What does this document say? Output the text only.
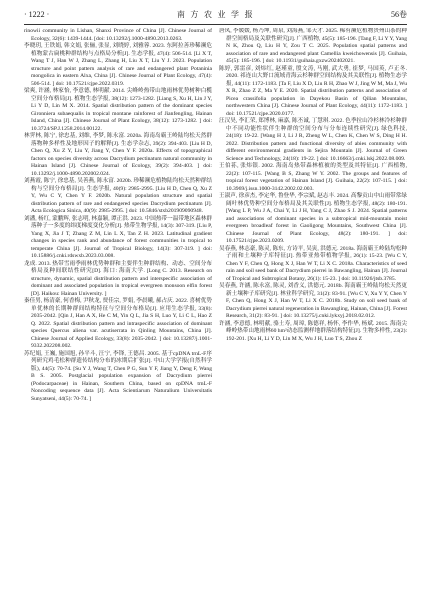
· 1222 ·	南 方 农 业 学 报	56卷

rinowii community in Lishan, Shanxi Province of China [J]. Chinese Journal of Ecology, 32(6): 1439-1444. [doi: 10.13292/j.1000-4890.2013.0263.

李晓玥, 王铁娟, 韩文娟, 张俪, 张显, 刘晓婷, 刘雅蓉. 2023. 东阿拉善珍稀濒危植物蒙古扁桃种群结构与点格局分析[J]. 生态学报, 47(4): 506-514. [Li X T, Wang T J, Han W J, Zhang L, Zhang H, Liu X T, Liu Y J. 2023. Population structure and point pattern analysis of rare and endangered plant Potaninia mongolica in eastern Alxa, China [J]. Chinese Journal of Plant Ecology, 47(4): 506-514. ] doi: 10.17521/cjpe.2022.0319.

梁爽, 许涵, 林家怡, 李意德, 林明献. 2014. 尖峰岭热带山地雨林优势树种白榄空间分布格局[J]. 植物生态学报, 38(12): 1273-1282. [Liang S, Xu H, Lin J Y, Li Y D, Lin M X. 2014. Spatial distribution pattern of the dominant species Gironniera subaequalis in tropical montane rainforest of Jianfengling, Hainan Island, China [J]. Chinese Journal of Plant Ecology, 38(12): 1273-1282. ] doi: 10.3724/SP.J.1258.2014.00122.

林霁林, 陈宁, 徐忠基, 刘维, 李梦, 陈永富. 2020a. 海南岛霸王岭陆均松天然群落物种多样性及地形因子的解释[J]. 生态学杂志, 39(2): 394-403. [Liu H D, Chen Q, Xu Z Y, Liu Y, Jiang Y, Chen Y F. 2020a. Effects of topographical factors on species diversity across Dacrydium pectinatum natural community in Hainan Island [J]. Chinese Journal of Ecology, 39(2): 394-403. ] doi: 10.13292/j.1000-4890.202002.024.

刘燕霞, 陈宁, 徐忠基, 吴善燕, 陈永富. 2020b. 珍稀濒危植物陆均松天然种群结构与空间分布格局[J]. 生态学报, 40(9): 2985-2995. [Liu H D, Chen Q, Xu Z Y, Wu C Y, Chen Y F. 2020b. Natural population structure and spatial distribution pattern of rare and endangered species Dacrydium pectinatum [J]. Acta Ecologica Sinica, 40(9): 2985-2995. ] doi: 10.5846/stxb201909090948.

刘潘, 杨红, 蒙鹏辉, 张志明, 林嘉颖, 谭正洪. 2023. 中国热带一温带地区森林群落种子一多度的纬度梯度变化分析[J]. 热带生物学报, 14(3): 307-319. [Liu P, Yang X, Jia J T, Zhang Z M, Lin L X, Tan Z H. 2023. Latitudinal gradient changes in species rank and abundance of forest communities in tropical to temperate China [J]. Journal of Tropical Biology, 14(3): 307-319. ] doi: 10.15886/j.cnki.rdswxb.2023.03.008.

龙成. 2013. 热带雪雨季雨林优势种群和主要伴生种群结构、动态、空间分布格局及种间联结性研究[D]. 海口: 海南大学. [Long C. 2013. Research on structure, dynamic, spatial distribution pattern and interspecific association of dominant and associated population in tropical evergreen monsoon elfin forest [D]. Haikou: Hainan University. ]

秦佳男, 杨清豪, 何香梅, 尹秋龙, 贾佳宗, 罗娟, 李晨曦, 郝占庆. 2022. 喜树优势单优林的长期种群间结构特征与空间分布格局[J]. 应用生态学报, 33(8): 2035-2042. [Qin J, Han A X, He C M, Yin Q L, Jia S H, Luo Y, Li C L, Hao Z Q. 2022. Spatial distribution pattern and intraspecific association of dominant species Quercus aliena var. acutiserrata in Qinling Mountains, China [J]. Chinese Journal of Applied Ecology, 33(8): 2035-2042. ] doi: 10.13287/j.1001-9332.202208.002.

苏纪娟, 王巍, 施国旭, 孙平斗, 汪宁, 李锋, 王德昌. 2005. 基于cpDNA trnL-F序列研究鸡毛松种群遗传结构分布的冰期后扩张[J]. 中山大学学报(自然科学版), 44(5): 70-74. [Su Y J, Wang T, Chen P G, Sun Y F, Jiang Y, Deng F, Wang B S. 2005. Postglacial population expansion of Dacrydium pierrei (Podocarpaceae) in Hainan, Southern China, based on cpDNA trnL-F Noncoding sequence data [J]. Acta Scientiarum Naturalium Universitatis Sunyatseni, 44(5): 70-74. ]

唐凤, 李媛媛, 杨乃坤, 周泉, 刘海燕, 邹天才. 2025. 稀有濒危植物贵州山茶的种群空间格局及关联性研究[J]. 广西植物, 45(5): 185-196. [Tang F, Li Y Y, Yang N K, Zhou Q, Liu H Y, Zou T C. 2025. Population spatial patterns and association of rare and endangered plant Camellia kweichowensis [J]. Guihaia, 45(5): 185-196. ] doi: 10.11931/guihaia.gxzw202402021.

陈婷, 郭雷彦, 刘炜红, 赵瑾童, 殷文涛, 马刚, 武大勇, 崔梦, 马国英, 卢正冬. 2020. 祁连山大野口流域青海云杉种群空间结构及其关联性[J]. 植物生态学报, 44(11): 1172-1183. [Ta F, Liu X D, Liu R H, Zhao W J, Jing W M, Ma J, Wu X R, Zhao Z Z, Ma Y E. 2020. Spatial distribution patterns and association of Picea crassifolia population in Dayekou Basin of Qilian Mountains, northwestern China [J]. Chinese Journal of Plant Ecology, 44(11): 1172-1183. ] doi: 10.17521/cjpe.2020.0177.

汪汉昊, 李汇荣, 郑博林, 麻嘉, 陈丕诚, 丁慧琪. 2022. 色季拉山冷杉林冷杉种群中不同功能性状伴生种群的空间分布与分布连续性研究[J]. 绿色科技, 24(18): 19-22. [Wang H J, Li J R, Zheng W L, Chen K, Chen W S, Ding H H. 2022. Distribution pattern and functional diversity of abies community with different environmental gradients in Sejira Mountain [J]. Journal of Green Science and Technology, 24(18): 19-22. ] doi: 10.16663/j.cnki.lskj.2022.08.009.

王伯荪, 张炜银. 2002. 海南岛热带森林植被的类型及其特征[J]. 广西植物, 22(2): 107-115. [Wang B S, Zhang W Y. 2002. The groups and features of tropical forest vegetation of Hainan Island [J]. Guihaia, 22(2): 107-115. ] doi: 10.3969/j.issn.1000-3142.2002.02.003.

王淑声, 徐彦杰, 李定华, 鲁登华, 李宗斌, 赵志丰. 2024. 高黎贡山中山雨带常绿阔叶林优势种空间分布格局及其关联性[J]. 植物生态学报, 48(2): 180-191. [Wang L P, Wu J A, Chai Y, Li J H, Yang C J, Zhao S J. 2024. Spatial patterns and associations of dominant species in a subtropical mid-mountain moist evergreen broadleaf forest in Gaoligong Mountains, Southwest China [J]. Chinese Journal of Plant Ecology, 48(2): 180-191. ] doi: 10.17521/cjpe.2023.0209.

吴春燕, 林志豪, 陈灵, 陈东, 方诗平, 吴寅, 洪德元. 2018a. 海南霸王岭陆均松种子雨和土壤种子库特征[J]. 热带亚热带植物学报, 26(1): 15-23. [Wu C Y, Chen Y F, Chen Q, Hong X J, Han W T, Li X C. 2018a. Characteristics of seed rain and soil seed bank of Dacrydium pierrei in Bawangling, Hainan [J]. Journal of Tropical and Subtropical Botany, 26(1): 15-23. ] doi: 10.11926/jtsb.3785.

吴春燕, 许涵, 陈永富, 陈灵, 刘香义, 洪德元. 2018b. 海南霸王岭陆均松天然更新土壤种子库研究[J]. 林业科学研究, 31(2): 83-91. [Wu C Y, Xu Y Y, Chen Y F, Chen Q, Hong X J, Han W T, Li X C. 2018b. Study on soil seed bank of Dacrydium pierrei natural regeneration in Bawangling, Hainan, China [J]. Forest Research, 31(2): 83-91. ] doi: 10.13275/j.cnki.lykxyj.2018.02.012.

许涵, 李意德, 林明献, 骆土寿, 周璋, 陈德祥, 杨怀, 李作华, 杨斌. 2015. 海南尖峰岭热带山地雨林60 hm²动态监测样地群落结构特征[J]. 生物多样性, 23(2): 192-201. [Xu H, Li Y D, Lin M X, Wu J H, Luo T S, Zhou Z
